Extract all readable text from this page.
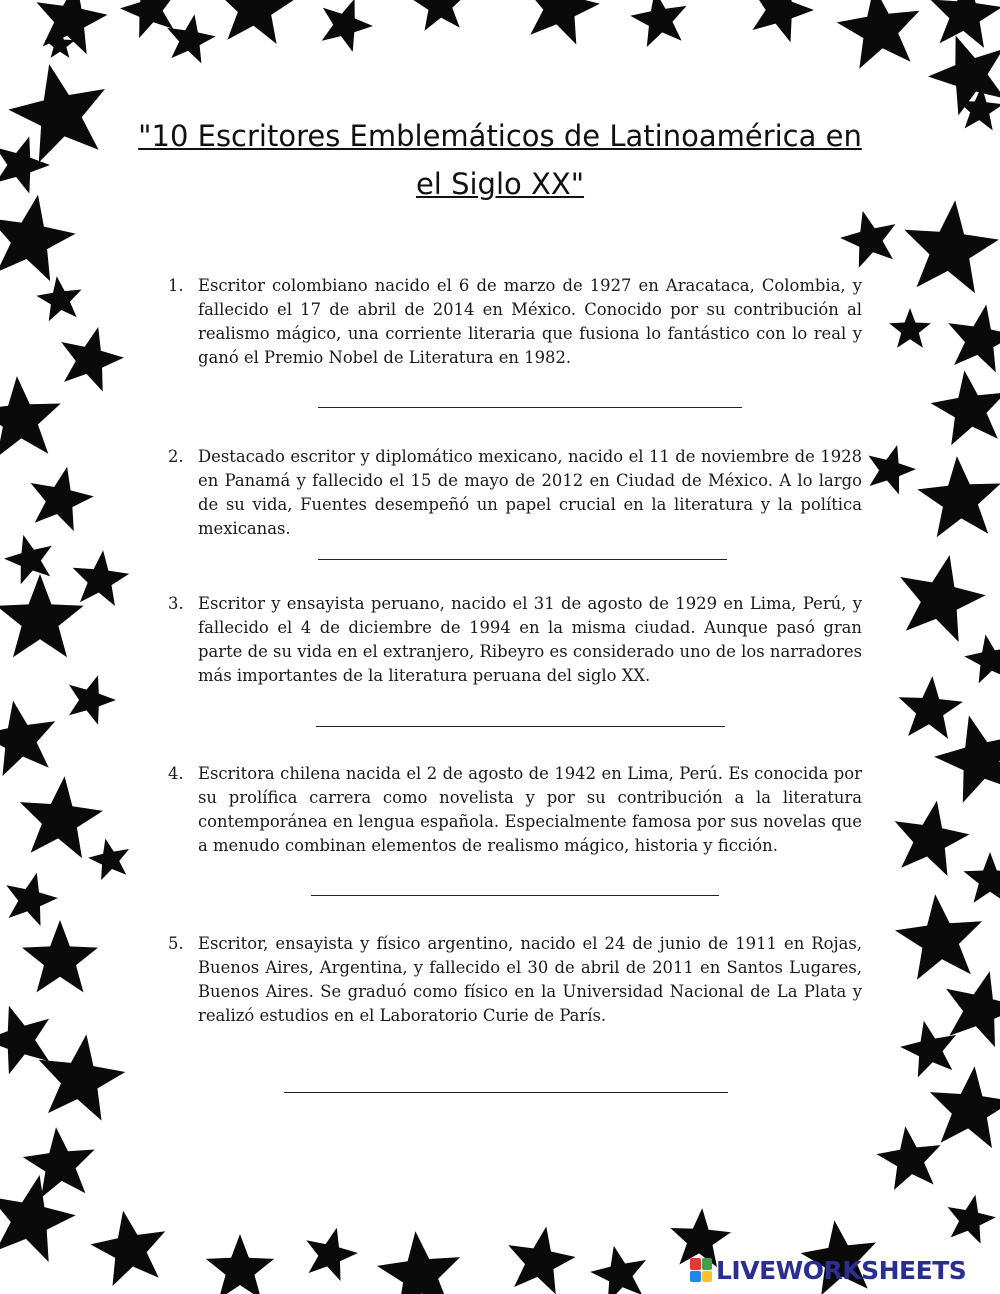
"10 Escritores Emblemáticos de Latinoamérica en el Siglo XX"
1. Escritor colombiano nacido el 6 de marzo de 1927 en Aracataca, Colombia, y fallecido el 17 de abril de 2014 en México. Conocido por su contribución al realismo mágico, una corriente literaria que fusiona lo fantástico con lo real y ganó el Premio Nobel de Literatura en 1982.
2. Destacado escritor y diplomático mexicano, nacido el 11 de noviembre de 1928 en Panamá y fallecido el 15 de mayo de 2012 en Ciudad de México. A lo largo de su vida, Fuentes desempeñó un papel crucial en la literatura y la política mexicanas.
3. Escritor y ensayista peruano, nacido el 31 de agosto de 1929 en Lima, Perú, y fallecido el 4 de diciembre de 1994 en la misma ciudad. Aunque pasó gran parte de su vida en el extranjero, Ribeyro es considerado uno de los narradores más importantes de la literatura peruana del siglo XX.
4. Escritora chilena nacida el 2 de agosto de 1942 en Lima, Perú. Es conocida por su prolífica carrera como novelista y por su contribución a la literatura contemporánea en lengua española. Especialmente famosa por sus novelas que a menudo combinan elementos de realismo mágico, historia y ficción.
5. Escritor, ensayista y físico argentino, nacido el 24 de junio de 1911 en Rojas, Buenos Aires, Argentina, y fallecido el 30 de abril de 2011 en Santos Lugares, Buenos Aires. Se graduó como físico en la Universidad Nacional de La Plata y realizó estudios en el Laboratorio Curie de París.
LIVEWORKSHEETS
